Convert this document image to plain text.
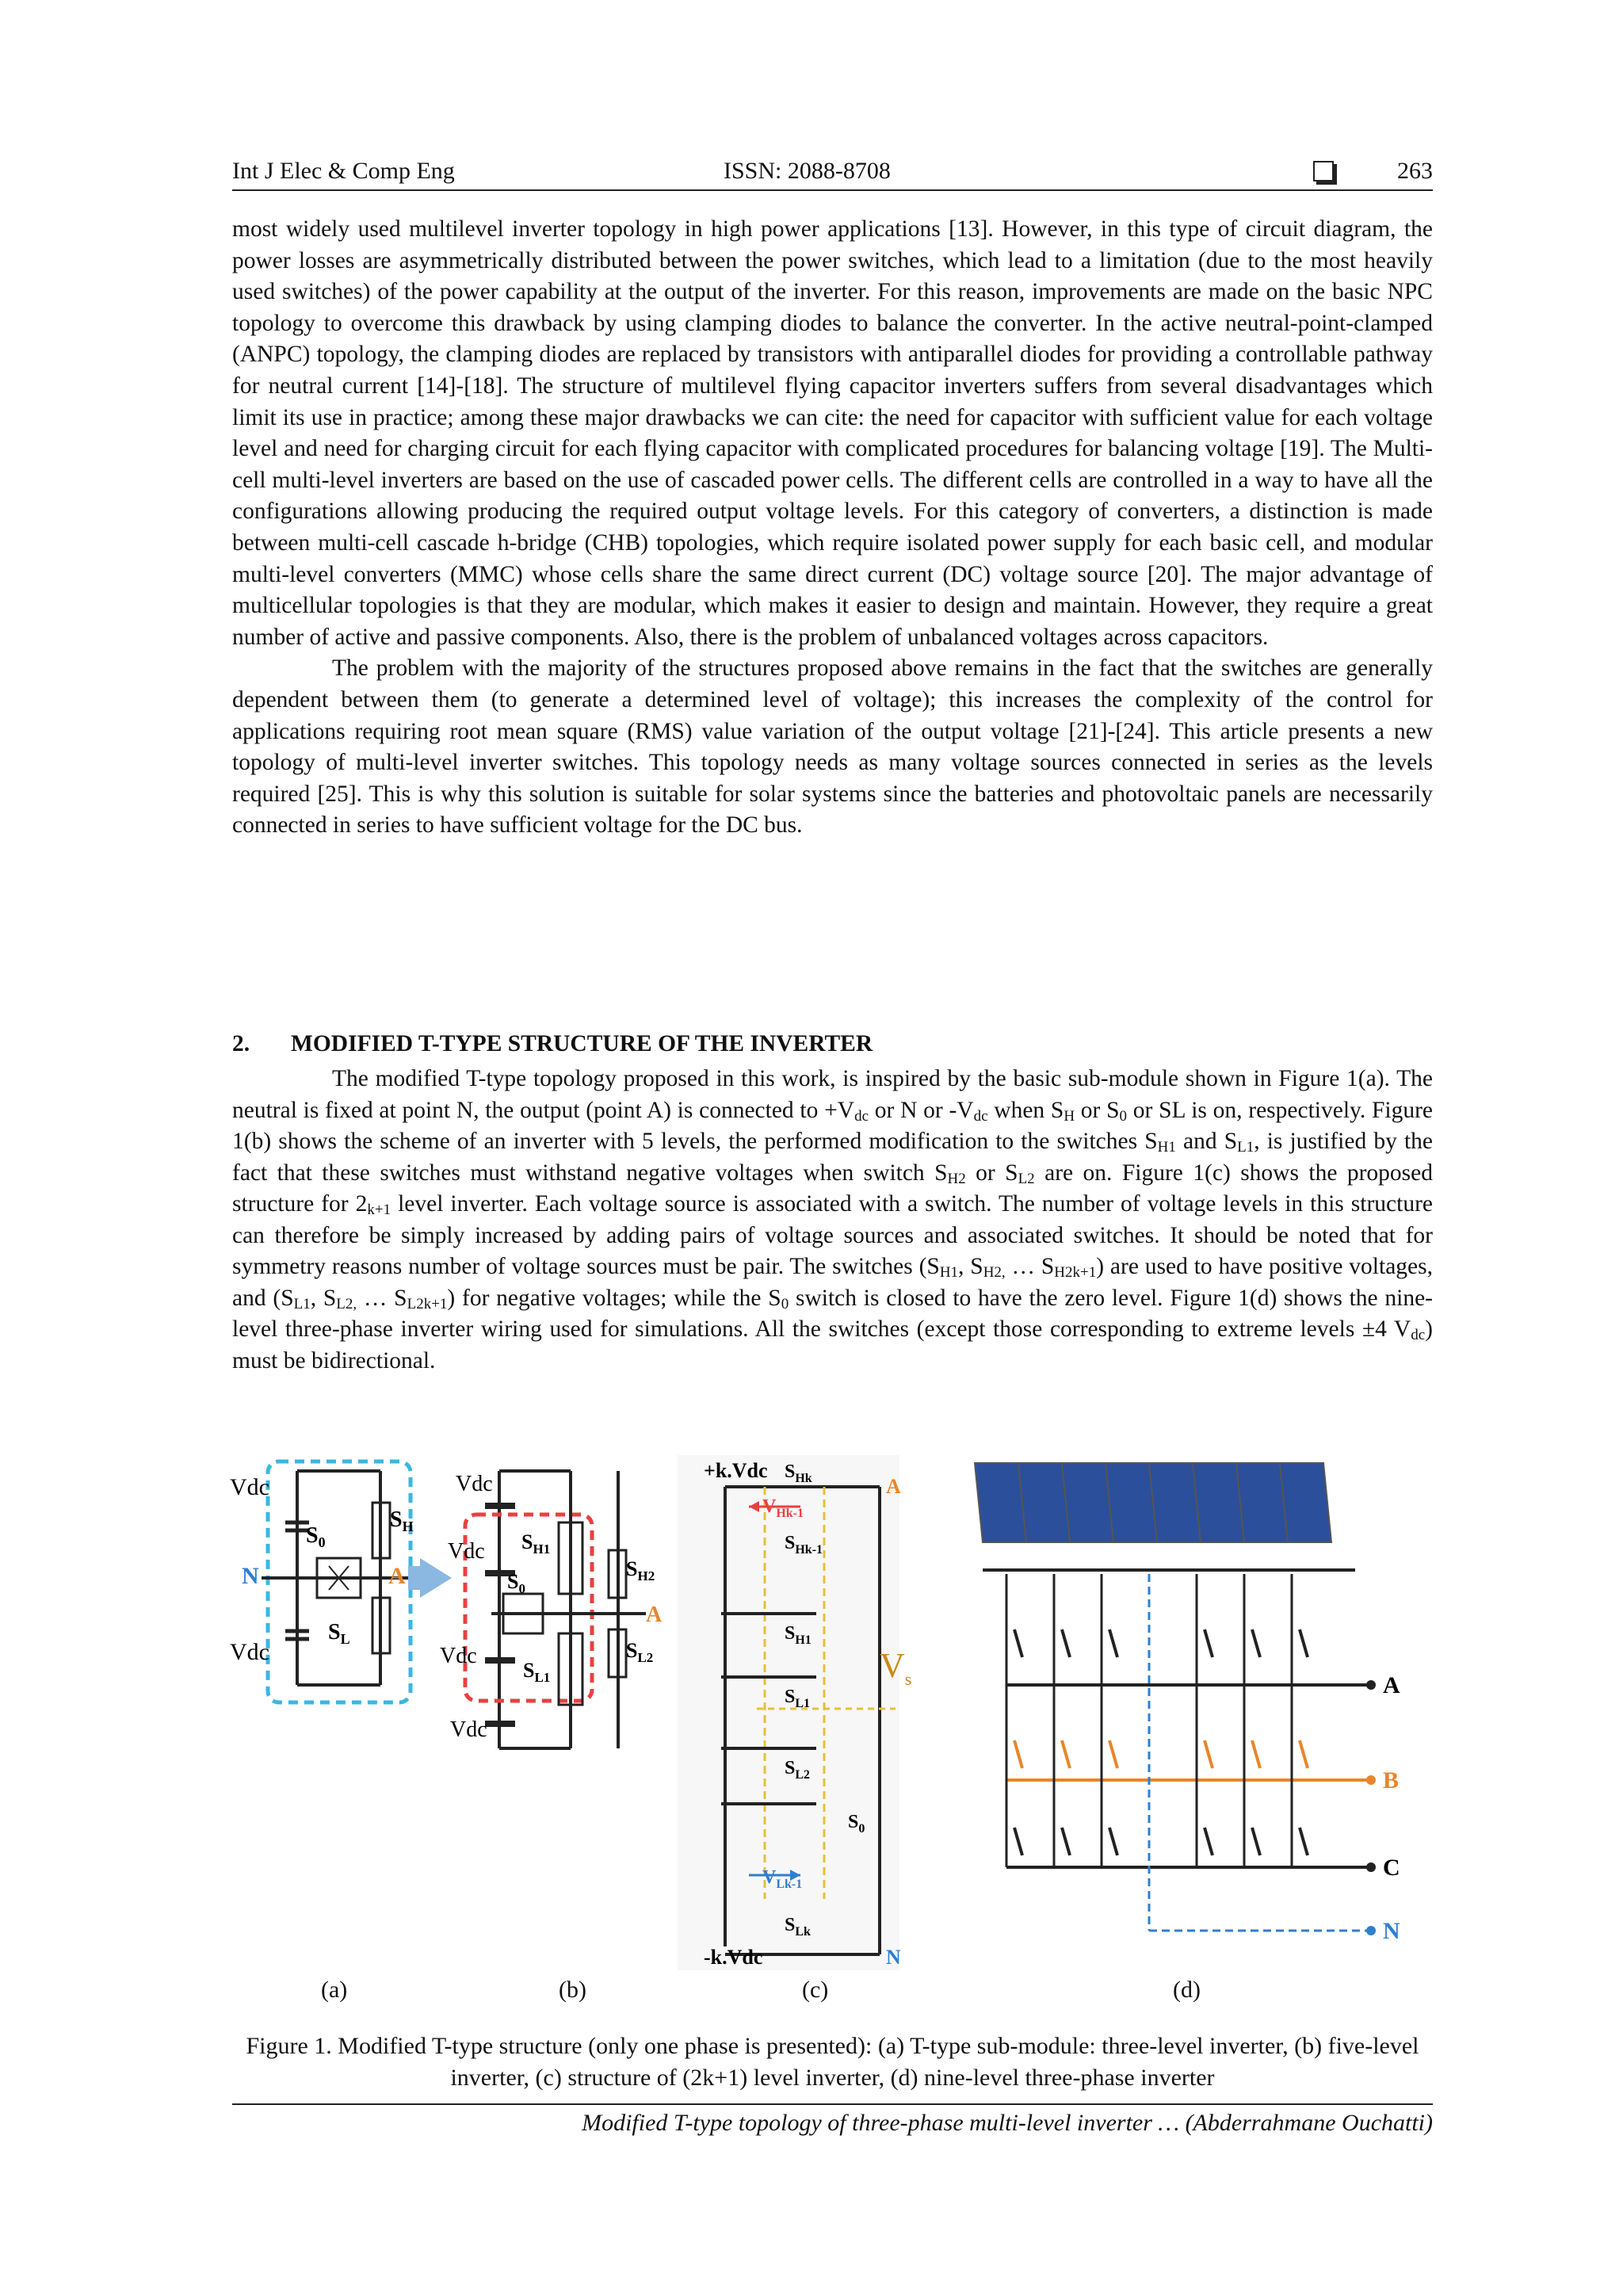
Int J Elec & Comp Eng	ISSN: 2088-8708	263

most widely used multilevel inverter topology in high power applications [13]. However, in this type of circuit diagram, the power losses are asymmetrically distributed between the power switches, which lead to a limitation (due to the most heavily used switches) of the power capability at the output of the inverter. For this reason, improvements are made on the basic NPC topology to overcome this drawback by using clamping diodes to balance the converter. In the active neutral-point-clamped (ANPC) topology, the clamping diodes are replaced by transistors with antiparallel diodes for providing a controllable pathway for neutral current [14]-[18]. The structure of multilevel flying capacitor inverters suffers from several disadvantages which limit its use in practice; among these major drawbacks we can cite: the need for capacitor with sufficient value for each voltage level and need for charging circuit for each flying capacitor with complicated procedures for balancing voltage [19]. The Multi-cell multi-level inverters are based on the use of cascaded power cells. The different cells are controlled in a way to have all the configurations allowing producing the required output voltage levels. For this category of converters, a distinction is made between multi-cell cascade h-bridge (CHB) topologies, which require isolated power supply for each basic cell, and modular multi-level converters (MMC) whose cells share the same direct current (DC) voltage source [20]. The major advantage of multicellular topologies is that they are modular, which makes it easier to design and maintain. However, they require a great number of active and passive components. Also, there is the problem of unbalanced voltages across capacitors.

The problem with the majority of the structures proposed above remains in the fact that the switches are generally dependent between them (to generate a determined level of voltage); this increases the complexity of the control for applications requiring root mean square (RMS) value variation of the output voltage [21]-[24]. This article presents a new topology of multi-level inverter switches. This topology needs as many voltage sources connected in series as the levels required [25]. This is why this solution is suitable for solar systems since the batteries and photovoltaic panels are necessarily connected in series to have sufficient voltage for the DC bus.

2. MODIFIED T-TYPE STRUCTURE OF THE INVERTER

The modified T-type topology proposed in this work, is inspired by the basic sub-module shown in Figure 1(a). The neutral is fixed at point N, the output (point A) is connected to $+V_{dc}$ or N or $-V_{dc}$ when $S_H$ or $S_0$ or SL is on, respectively. Figure 1(b) shows the scheme of an inverter with 5 levels, the performed modification to the switches $S_{H1}$ and $S_{L1}$, is justified by the fact that these switches must withstand negative voltages when switch $S_{H2}$ or $S_{L2}$ are on. Figure 1(c) shows the proposed structure for $2_{k+1}$ level inverter. Each voltage source is associated with a switch. The number of voltage levels in this structure can therefore be simply increased by adding pairs of voltage sources and associated switches. It should be noted that for symmetry reasons number of voltage sources must be pair. The switches ($S_{H1}$, $S_{H2,}$ … $S_{H2k+1}$) are used to have positive voltages, and ($S_{L1}$, $S_{L2,}$ … $S_{L2k+1}$) for negative voltages; while the $S_0$ switch is closed to have the zero level. Figure 1(d) shows the nine-level three-phase inverter wiring used for simulations. All the switches (except those corresponding to extreme levels ±4 $V_{dc}$) must be bidirectional.

Vdc
Vdc
N	A
$S_0$
$S_H$
$S_L$
Vdc
Vdc
Vdc
Vdc
A
$S_{H1}$
$S_0$
$S_{L1}$
$S_{H2}$
$S_{L2}$
+k.Vdc
-k.Vdc
$S_{Hk}$
$V_{Hk-1}$
$S_{Hk-1}$
$S_{H1}$
$S_{L1}$
$S_{L2}$
$V_{Lk-1}$
$S_{Lk}$
$S_0$
$V_s$
A
N
A
B
C
N
(a)	(b)	(c)	(d)
Figure 1. Modified T-type structure (only one phase is presented): (a) T-type sub-module: three-level inverter, (b) five-level inverter, (c) structure of (2k+1) level inverter, (d) nine-level three-phase inverter
Modified T-type topology of three-phase multi-level inverter … (Abderrahmane Ouchatti)
